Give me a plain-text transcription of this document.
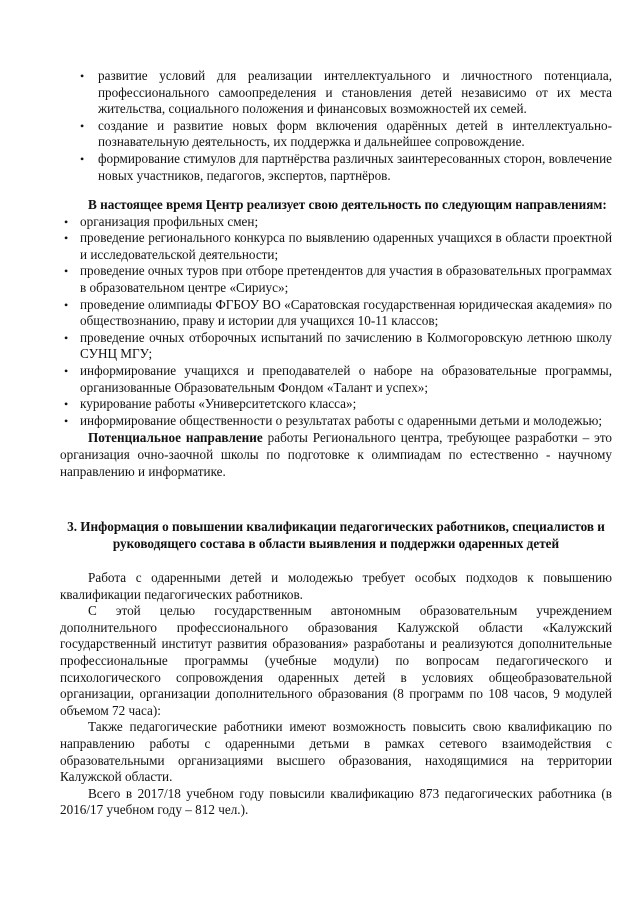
• развитие условий для реализации интеллектуального и личностного потенциала, профессионального самоопределения и становления детей независимо от их места жительства, социального положения и финансовых возможностей их семей.
• создание и развитие новых форм включения одарённых детей в интеллектуально-познавательную деятельность, их поддержка и дальнейшее сопровождение.
• формирование стимулов для партнёрства различных заинтересованных сторон, вовлечение новых участников, педагогов, экспертов, партнёров.

В настоящее время Центр реализует свою деятельность по следующим направлениям:

• организация профильных смен;
• проведение регионального конкурса по выявлению одаренных учащихся в области проектной и исследовательской деятельности;
• проведение очных туров при отборе претендентов для участия в образовательных программах в образовательном центре «Сириус»;
• проведение олимпиады ФГБОУ ВО «Саратовская государственная юридическая академия» по обществознанию, праву и истории для учащихся 10-11 классов;
• проведение очных отборочных испытаний по зачислению в Колмогоровскую летнюю школу СУНЦ МГУ;
• информирование учащихся и преподавателей о наборе на образовательные программы, организованные Образовательным Фондом «Талант и успех»;
• курирование работы «Университетского класса»;
• информирование общественности о результатах работы с одаренными детьми и молодежью;

Потенциальное направление работы Регионального центра, требующее разработки – это организация очно-заочной школы по подготовке к олимпиадам по естественно - научному направлению и информатике.

3. Информация о повышении квалификации педагогических работников, специалистов и руководящего состава в области выявления и поддержки одаренных детей

Работа с одаренными детей и молодежью требует особых подходов к повышению квалификации педагогических работников.

С этой целью государственным автономным образовательным учреждением дополнительного профессионального образования Калужской области «Калужский государственный институт развития образования» разработаны и реализуются дополнительные профессиональные программы (учебные модули) по вопросам педагогического и психологического сопровождения одаренных детей в условиях общеобразовательной организации, организации дополнительного образования (8 программ по 108 часов, 9 модулей объемом 72 часа):

Также педагогические работники имеют возможность повысить свою квалификацию по направлению работы с одаренными детьми в рамках сетевого взаимодействия с образовательными организациями высшего образования, находящимися на территории Калужской области.

Всего в 2017/18 учебном году повысили квалификацию 873 педагогических работника (в 2016/17 учебном году – 812 чел.).
